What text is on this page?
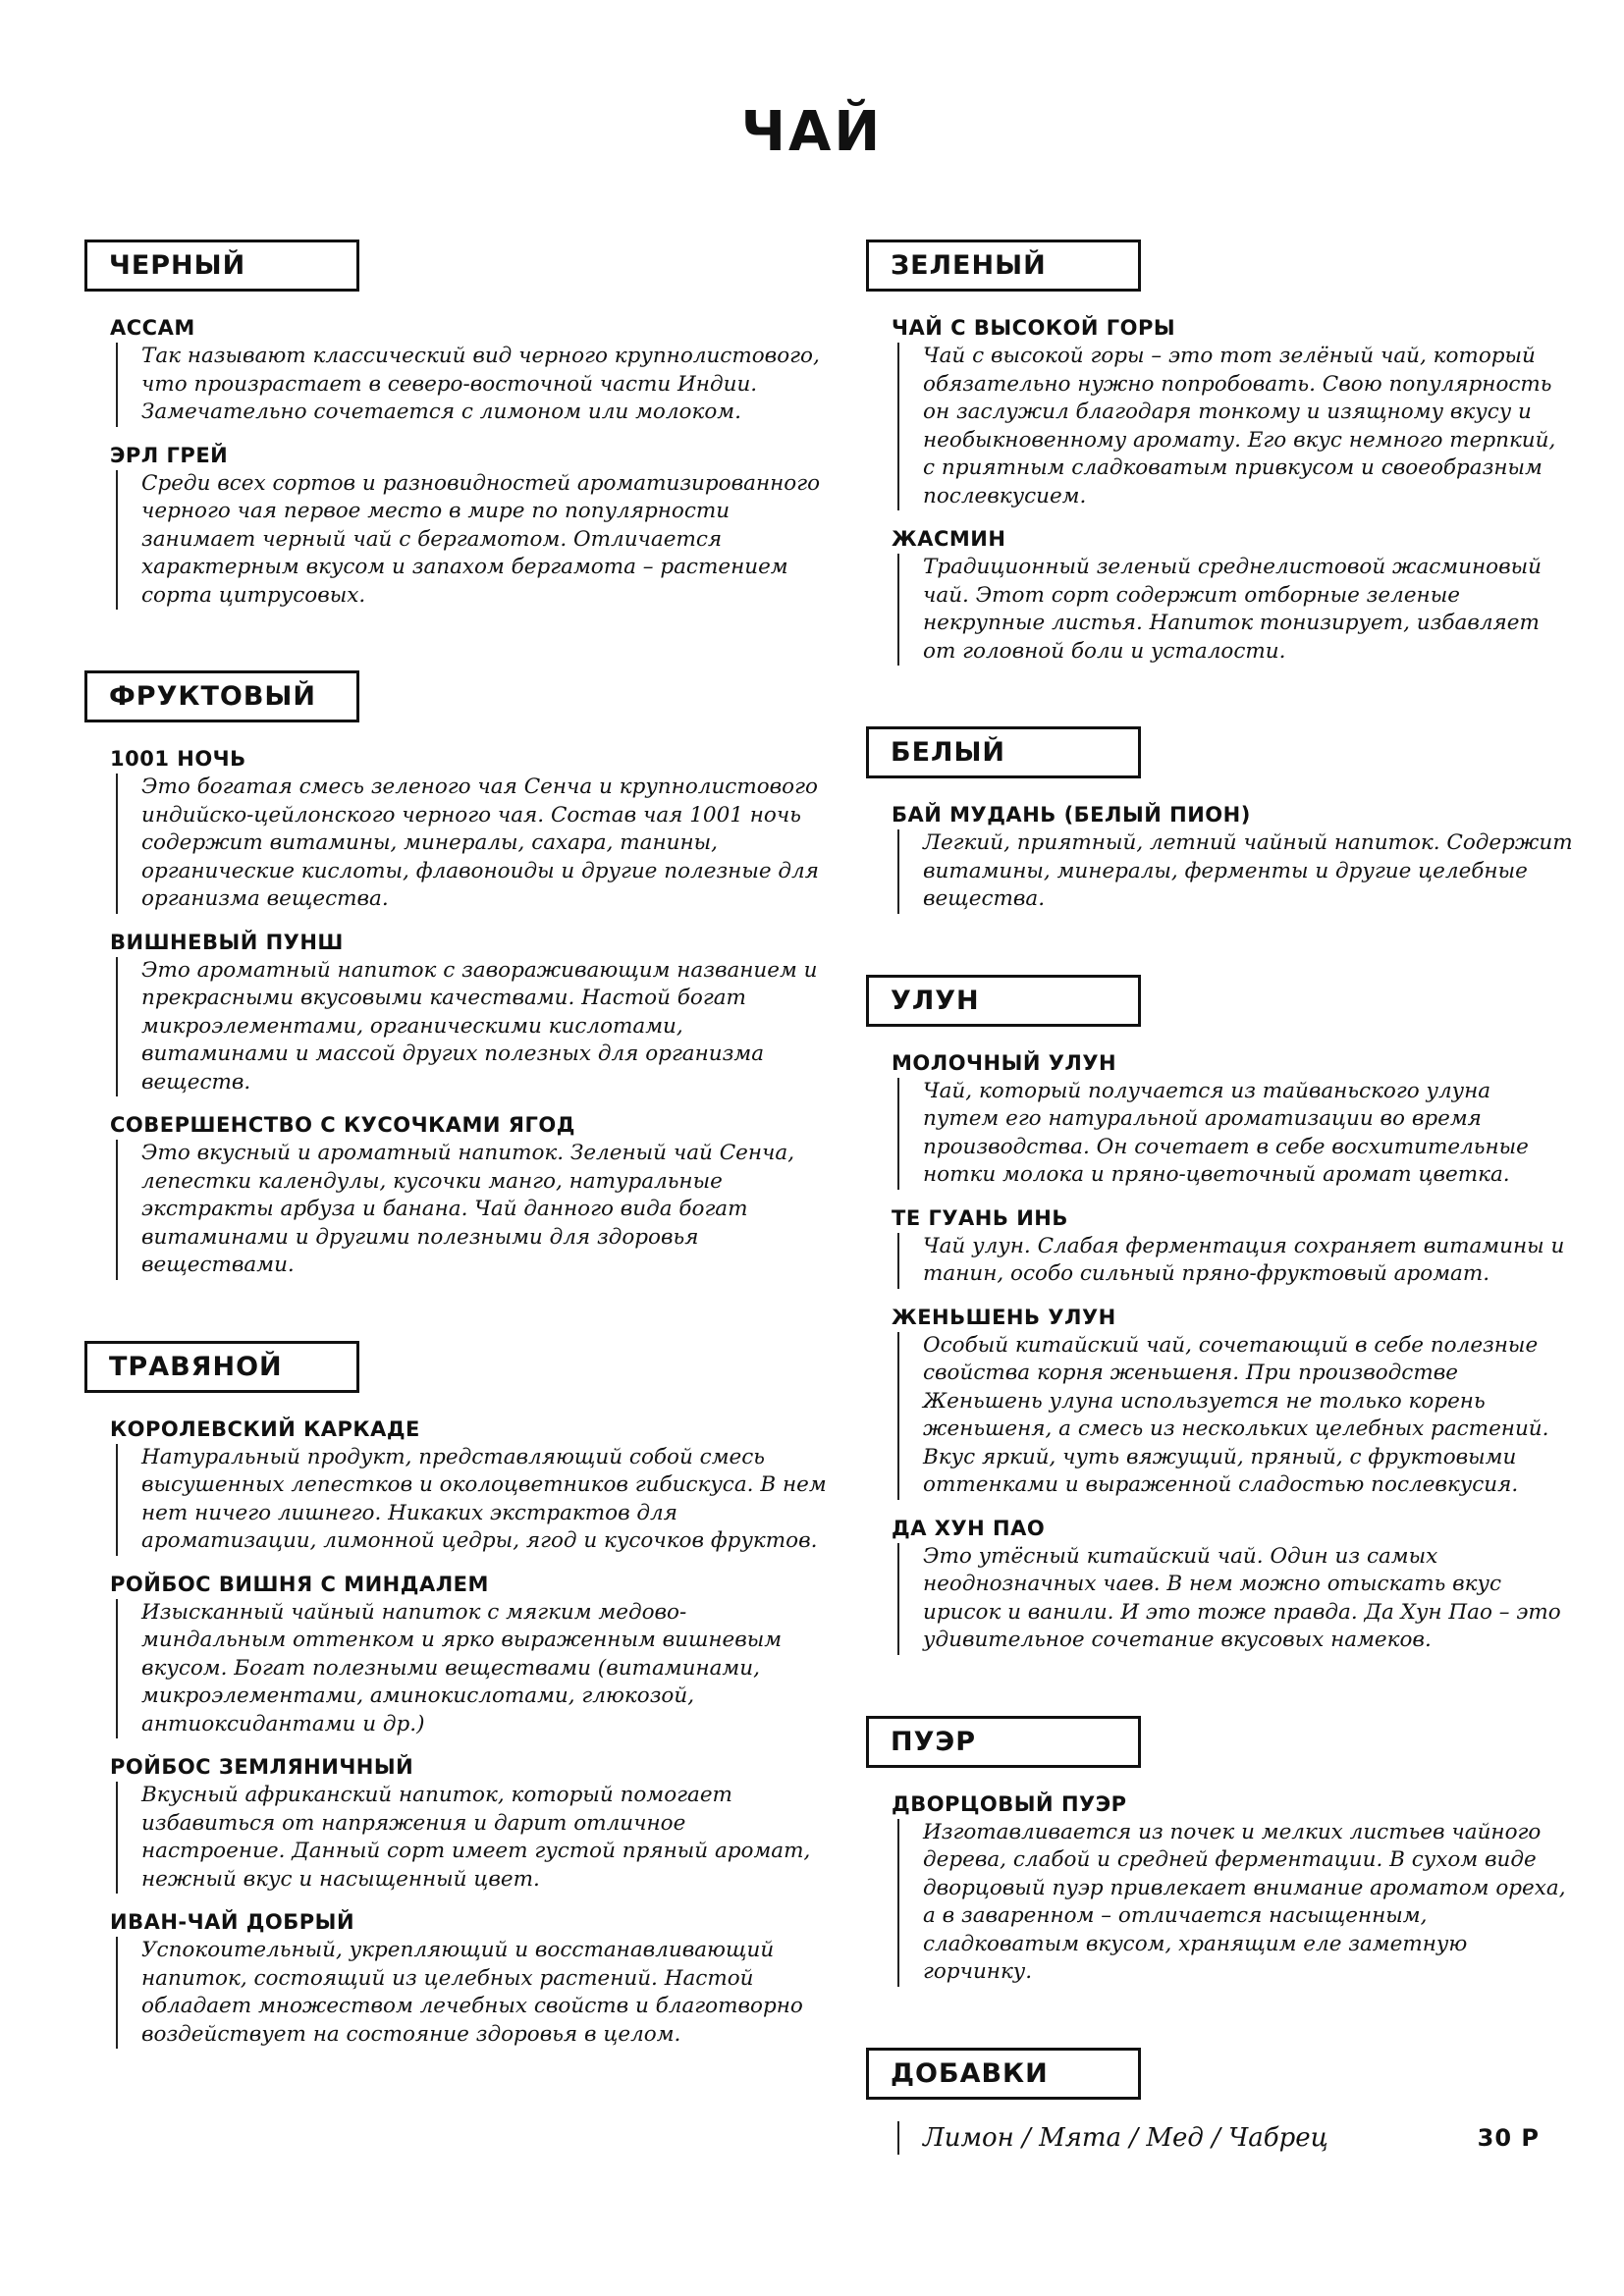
ЧАЙ
ЧЕРНЫЙ
АССАМ
Так называют классический вид черного крупнолистового, что произрастает в северо-восточной части Индии. Замечательно сочетается с лимоном или молоком.
ЭРЛ ГРЕЙ
Среди всех сортов и разновидностей ароматизированного черного чая первое место в мире по популярности занимает черный чай с бергамотом. Отличается характерным вкусом и запахом бергамота – растением сорта цитрусовых.
ФРУКТОВЫЙ
1001 НОЧЬ
Это богатая смесь зеленого чая Сенча и крупнолистового индийско-цейлонского черного чая. Состав чая 1001 ночь содержит витамины, минералы, сахара, танины, органические кислоты, флавоноиды и другие полезные для организма вещества.
ВИШНЕВЫЙ ПУНШ
Это ароматный напиток с завораживающим названием и прекрасными вкусовыми качествами. Настой богат микроэлементами, органическими кислотами, витаминами и массой других полезных для организма веществ.
СОВЕРШЕНСТВО С КУСОЧКАМИ ЯГОД
Это вкусный и ароматный напиток. Зеленый чай Сенча, лепестки календулы, кусочки манго, натуральные экстракты арбуза и банана. Чай данного вида богат витаминами и другими полезными для здоровья веществами.
ТРАВЯНОЙ
КОРОЛЕВСКИЙ КАРКАДЕ
Натуральный продукт, представляющий собой смесь высушенных лепестков и околоцветников гибискуса. В нем нет ничего лишнего. Никаких экстрактов для ароматизации, лимонной цедры, ягод и кусочков фруктов.
РОЙБОС ВИШНЯ С МИНДАЛЕМ
Изысканный чайный напиток с мягким медово-миндальным оттенком и ярко выраженным вишневым вкусом. Богат полезными веществами (витаминами, микроэлементами, аминокислотами, глюкозой, антиоксидантами и др.)
РОЙБОС ЗЕМЛЯНИЧНЫЙ
Вкусный африканский напиток, который помогает избавиться от напряжения и дарит отличное настроение. Данный сорт имеет густой пряный аромат, нежный вкус и насыщенный цвет.
ИВАН-ЧАЙ ДОБРЫЙ
Успокоительный, укрепляющий и восстанавливающий напиток, состоящий из целебных растений. Настой обладает множеством лечебных свойств и благотворно воздействует на состояние здоровья в целом.
ЗЕЛЕНЫЙ
ЧАЙ С ВЫСОКОЙ ГОРЫ
Чай с высокой горы – это тот зелёный чай, который обязательно нужно попробовать. Свою популярность он заслужил благодаря тонкому и изящному вкусу и необыкновенному аромату. Его вкус немного терпкий, с приятным сладковатым привкусом и своеобразным послевкусием.
ЖАСМИН
Традиционный зеленый среднелистовой жасминовый чай. Этот сорт содержит отборные зеленые некрупные листья. Напиток тонизирует, избавляет от головной боли и усталости.
БЕЛЫЙ
БАЙ МУДАНЬ (БЕЛЫЙ ПИОН)
Легкий, приятный, летний чайный напиток. Содержит витамины, минералы, ферменты и другие целебные вещества.
УЛУН
МОЛОЧНЫЙ УЛУН
Чай, который получается из тайваньского улуна путем его натуральной ароматизации во время производства. Он сочетает в себе восхитительные нотки молока и пряно-цветочный аромат цветка.
ТЕ ГУАНЬ ИНЬ
Чай улун. Слабая ферментация сохраняет витамины и танин, особо сильный пряно-фруктовый аромат.
ЖЕНЬШЕНЬ УЛУН
Особый китайский чай, сочетающий в себе полезные свойства корня женьшеня. При производстве Женьшень улуна используется не только корень женьшеня, а смесь из нескольких целебных растений. Вкус яркий, чуть вяжущий, пряный, с фруктовыми оттенками и выраженной сладостью послевкусия.
ДА ХУН ПАО
Это утёсный китайский чай. Один из самых неоднозначных чаев. В нем можно отыскать вкус ирисок и ванили. И это тоже правда. Да Хун Пао – это удивительное сочетание вкусовых намеков.
ПУЭР
ДВОРЦОВЫЙ ПУЭР
Изготавливается из почек и мелких листьев чайного дерева, слабой и средней ферментации. В сухом виде дворцовый пуэр привлекает внимание ароматом ореха, а в заваренном – отличается насыщенным, сладковатым вкусом, хранящим еле заметную горчинку.
ДОБАВКИ
Лимон / Мята / Мед / Чабрец	30 Р
